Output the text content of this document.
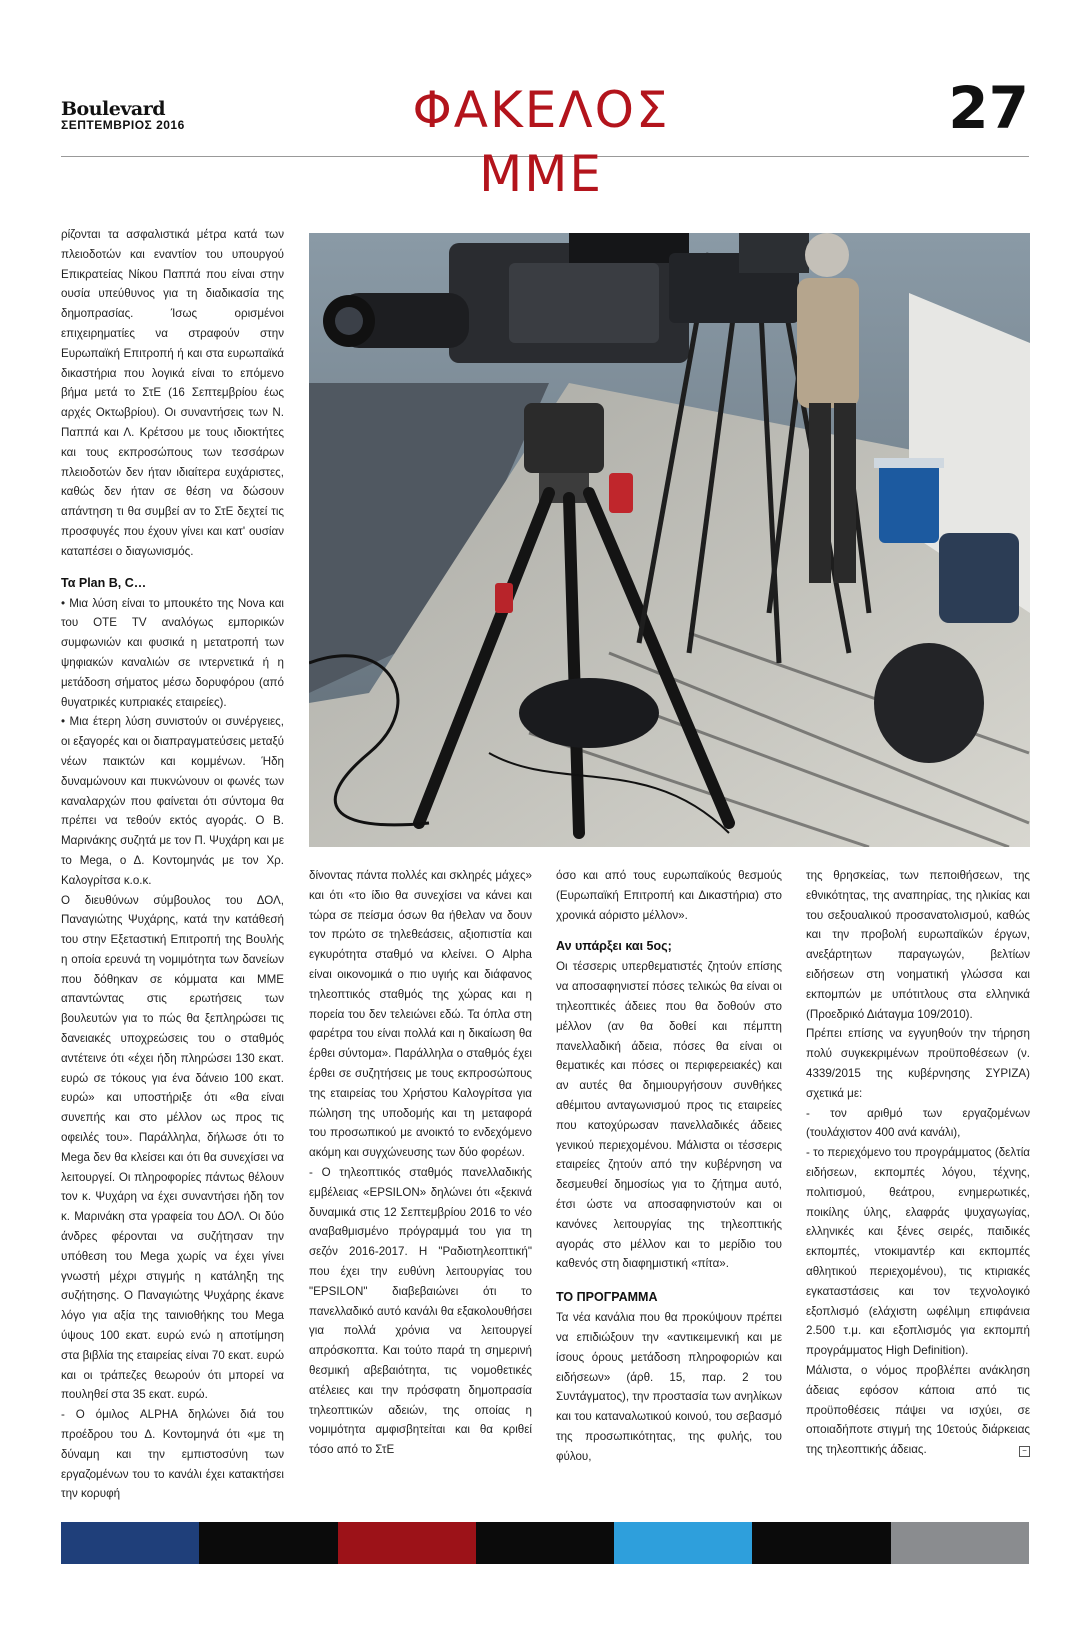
Boulevard
ΣΕΠΤΕΜΒΡΙΟΣ 2016	ΦΑΚΕΛΟΣ ΜΜΕ
27

ρίζονται τα ασφαλιστικά μέτρα κατά των πλειοδοτών και εναντίον του υπουργού Επικρατείας Νίκου Παππά που είναι στην ουσία υπεύθυνος για τη διαδικασία της δημοπρασίας. Ίσως ορισμένοι επιχειρηματίες να στραφούν στην Ευρωπαϊκή Επιτροπή ή και στα ευρωπαϊκά δικαστήρια που λογικά είναι το επόμενο βήμα μετά το ΣτΕ (16 Σεπτεμβρίου έως αρχές Οκτωβρίου). Οι συναντήσεις των Ν. Παππά και Λ. Κρέτσου με τους ιδιοκτήτες και τους εκπροσώπους των τεσσάρων πλειοδοτών δεν ήταν ιδιαίτερα ευχάριστες, καθώς δεν ήταν σε θέση να δώσουν απάντηση τι θα συμβεί αν το ΣτΕ δεχτεί τις προσφυγές που έχουν γίνει και κατ' ουσίαν καταπέσει ο διαγωνισμός.

Τα Plan B, C…

• Μια λύση είναι το μπουκέτο της Nova και του ΟΤΕ TV αναλόγως εμπορικών συμφωνιών και φυσικά η μετατροπή των ψηφιακών καναλιών σε ιντερνετικά ή η μετάδοση σήματος μέσω δορυφόρου (από θυγατρικές κυπριακές εταιρείες).

• Μια έτερη λύση συνιστούν οι συνέργειες, οι εξαγορές και οι διαπραγματεύσεις μεταξύ νέων παικτών και κομμένων. Ήδη δυναμώνουν και πυκνώνουν οι φωνές των καναλαρχών που φαίνεται ότι σύντομα θα πρέπει να τεθούν εκτός αγοράς. Ο Β. Μαρινάκης συζητά με τον Π. Ψυχάρη και με το Mega, ο Δ. Κοντομηνάς με τον Χρ. Καλογρίτσα κ.ο.κ.

Ο διευθύνων σύμβουλος του ΔΟΛ, Παναγιώτης Ψυχάρης, κατά την κατάθεσή του στην Εξεταστική Επιτροπή της Βουλής η οποία ερευνά τη νομιμότητα των δανείων που δόθηκαν σε κόμματα και ΜΜΕ απαντώντας στις ερωτήσεις των βουλευτών για το πώς θα ξεπληρώσει τις δανειακές υποχρεώσεις του ο σταθμός αντέτεινε ότι «έχει ήδη πληρώσει 130 εκατ. ευρώ σε τόκους για ένα δάνειο 100 εκατ. ευρώ» και υποστήριξε ότι «θα είναι συνεπής και στο μέλλον ως προς τις οφειλές του». Παράλληλα, δήλωσε ότι το Mega δεν θα κλείσει και ότι θα συνεχίσει να λειτουργεί. Οι πληροφορίες πάντως θέλουν τον κ. Ψυχάρη να έχει συναντήσει ήδη τον κ. Μαρινάκη στα γραφεία του ΔΟΛ. Οι δύο άνδρες φέρονται να συζήτησαν την υπόθεση του Mega χωρίς να έχει γίνει γνωστή μέχρι στιγμής η κατάληξη της συζήτησης. Ο Παναγιώτης Ψυχάρης έκανε λόγο για αξία της ταινιοθήκης του Mega ύψους 100 εκατ. ευρώ ενώ η αποτίμηση στα βιβλία της εταιρείας είναι 70 εκατ. ευρώ και οι τράπεζες θεωρούν ότι μπορεί να πουληθεί στα 35 εκατ. ευρώ.

- Ο όμιλος ALPHA δηλώνει διά του προέδρου του Δ. Κοντομηνά ότι «με τη δύναμη και την εμπιστοσύνη των εργαζομένων του το κανάλι έχει κατακτήσει την κορυφή

δίνοντας πάντα πολλές και σκληρές μάχες» και ότι «το ίδιο θα συνεχίσει να κάνει και τώρα σε πείσμα όσων θα ήθελαν να δουν τον πρώτο σε τηλεθεάσεις, αξιοπιστία και εγκυρότητα σταθμό να κλείνει. Ο Alpha είναι οικονομικά ο πιο υγιής και διάφανος τηλεοπτικός σταθμός της χώρας και η πορεία του δεν τελειώνει εδώ. Τα όπλα στη φαρέτρα του είναι πολλά και η δικαίωση θα έρθει σύντομα». Παράλληλα ο σταθμός έχει έρθει σε συζητήσεις με τους εκπροσώπους της εταιρείας του Χρήστου Καλογρίτσα για πώληση της υποδομής και τη μεταφορά του προσωπικού με ανοικτό το ενδεχόμενο ακόμη και συγχώνευσης των δύο φορέων.

- Ο τηλεοπτικός σταθμός πανελλαδικής εμβέλειας «EPSILON» δηλώνει ότι «ξεκινά δυναμικά στις 12 Σεπτεμβρίου 2016 το νέο αναβαθμισμένο πρόγραμμά του για τη σεζόν 2016-2017. Η "Ραδιοτηλεοπτική" που έχει την ευθύνη λειτουργίας του "EPSILON" διαβεβαιώνει ότι το πανελλαδικό αυτό κανάλι θα εξακολουθήσει για πολλά χρόνια να λειτουργεί απρόσκοπτα. Και τούτο παρά τη σημερινή θεσμική αβεβαιότητα, τις νομοθετικές ατέλειες και την πρόσφατη δημοπρασία τηλεοπτικών αδειών, της οποίας η νομιμότητα αμφισβητείται και θα κριθεί τόσο από το ΣτΕ

όσο και από τους ευρωπαϊκούς θεσμούς (Ευρωπαϊκή Επιτροπή και Δικαστήρια) στο χρονικά αόριστο μέλλον».

Αν υπάρξει και 5ος;

Οι τέσσερις υπερθεματιστές ζητούν επίσης να αποσαφηνιστεί πόσες τελικώς θα είναι οι τηλεοπτικές άδειες που θα δοθούν στο μέλλον (αν θα δοθεί και πέμπτη πανελλαδική άδεια, πόσες θα είναι οι θεματικές και πόσες οι περιφερειακές) και αν αυτές θα δημιουργήσουν συνθήκες αθέμιτου ανταγωνισμού προς τις εταιρείες που κατοχύρωσαν πανελλαδικές άδειες γενικού περιεχομένου. Μάλιστα οι τέσσερις εταιρείες ζητούν από την κυβέρνηση να δεσμευθεί δημοσίως για το ζήτημα αυτό, έτσι ώστε να αποσαφηνιστούν και οι κανόνες λειτουργίας της τηλεοπτικής αγοράς στο μέλλον και το μερίδιο του καθενός στη διαφημιστική «πίτα».

ΤΟ ΠΡΟΓΡΑΜΜΑ

Τα νέα κανάλια που θα προκύψουν πρέπει να επιδιώξουν την «αντικειμενική και με ίσους όρους μετάδοση πληροφοριών και ειδήσεων» (άρθ. 15, παρ. 2 του Συντάγματος), την προστασία των ανηλίκων και του καταναλωτικού κοινού, του σεβασμό της προσωπικότητας, της φυλής, του φύλου,

της θρησκείας, των πεποιθήσεων, της εθνικότητας, της αναπηρίας, της ηλικίας και του σεξουαλικού προσανατολισμού, καθώς και την προβολή ευρωπαϊκών έργων, ανεξάρτητων παραγωγών, βελτίων ειδήσεων στη νοηματική γλώσσα και εκπομπών με υπότιτλους στα ελληνικά (Προεδρικό Διάταγμα 109/2010).

Πρέπει επίσης να εγγυηθούν την τήρηση πολύ συγκεκριμένων προϋποθέσεων (ν. 4339/2015 της κυβέρνησης ΣΥΡΙΖΑ) σχετικά με:

- τον αριθμό των εργαζομένων (τουλάχιστον 400 ανά κανάλι),

- το περιεχόμενο του προγράμματος (δελτία ειδήσεων, εκπομπές λόγου, τέχνης, πολιτισμού, θεάτρου, ενημερωτικές, ποικίλης ύλης, ελαφράς ψυχαγωγίας, ελληνικές και ξένες σειρές, παιδικές εκπομπές, ντοκιμαντέρ και εκπομπές αθλητικού περιεχομένου), τις κτιριακές εγκαταστάσεις και τον τεχνολογικό εξοπλισμό (ελάχιστη ωφέλιμη επιφάνεια 2.500 τ.μ. και εξοπλισμός για εκπομπή προγράμματος High Definition).

Μάλιστα, ο νόμος προβλέπει ανάκληση άδειας εφόσον κάποια από τις προϋποθέσεις πάψει να ισχύει, σε οποιαδήποτε στιγμή της 10ετούς διάρκειας της τηλεοπτικής άδειας.	−
